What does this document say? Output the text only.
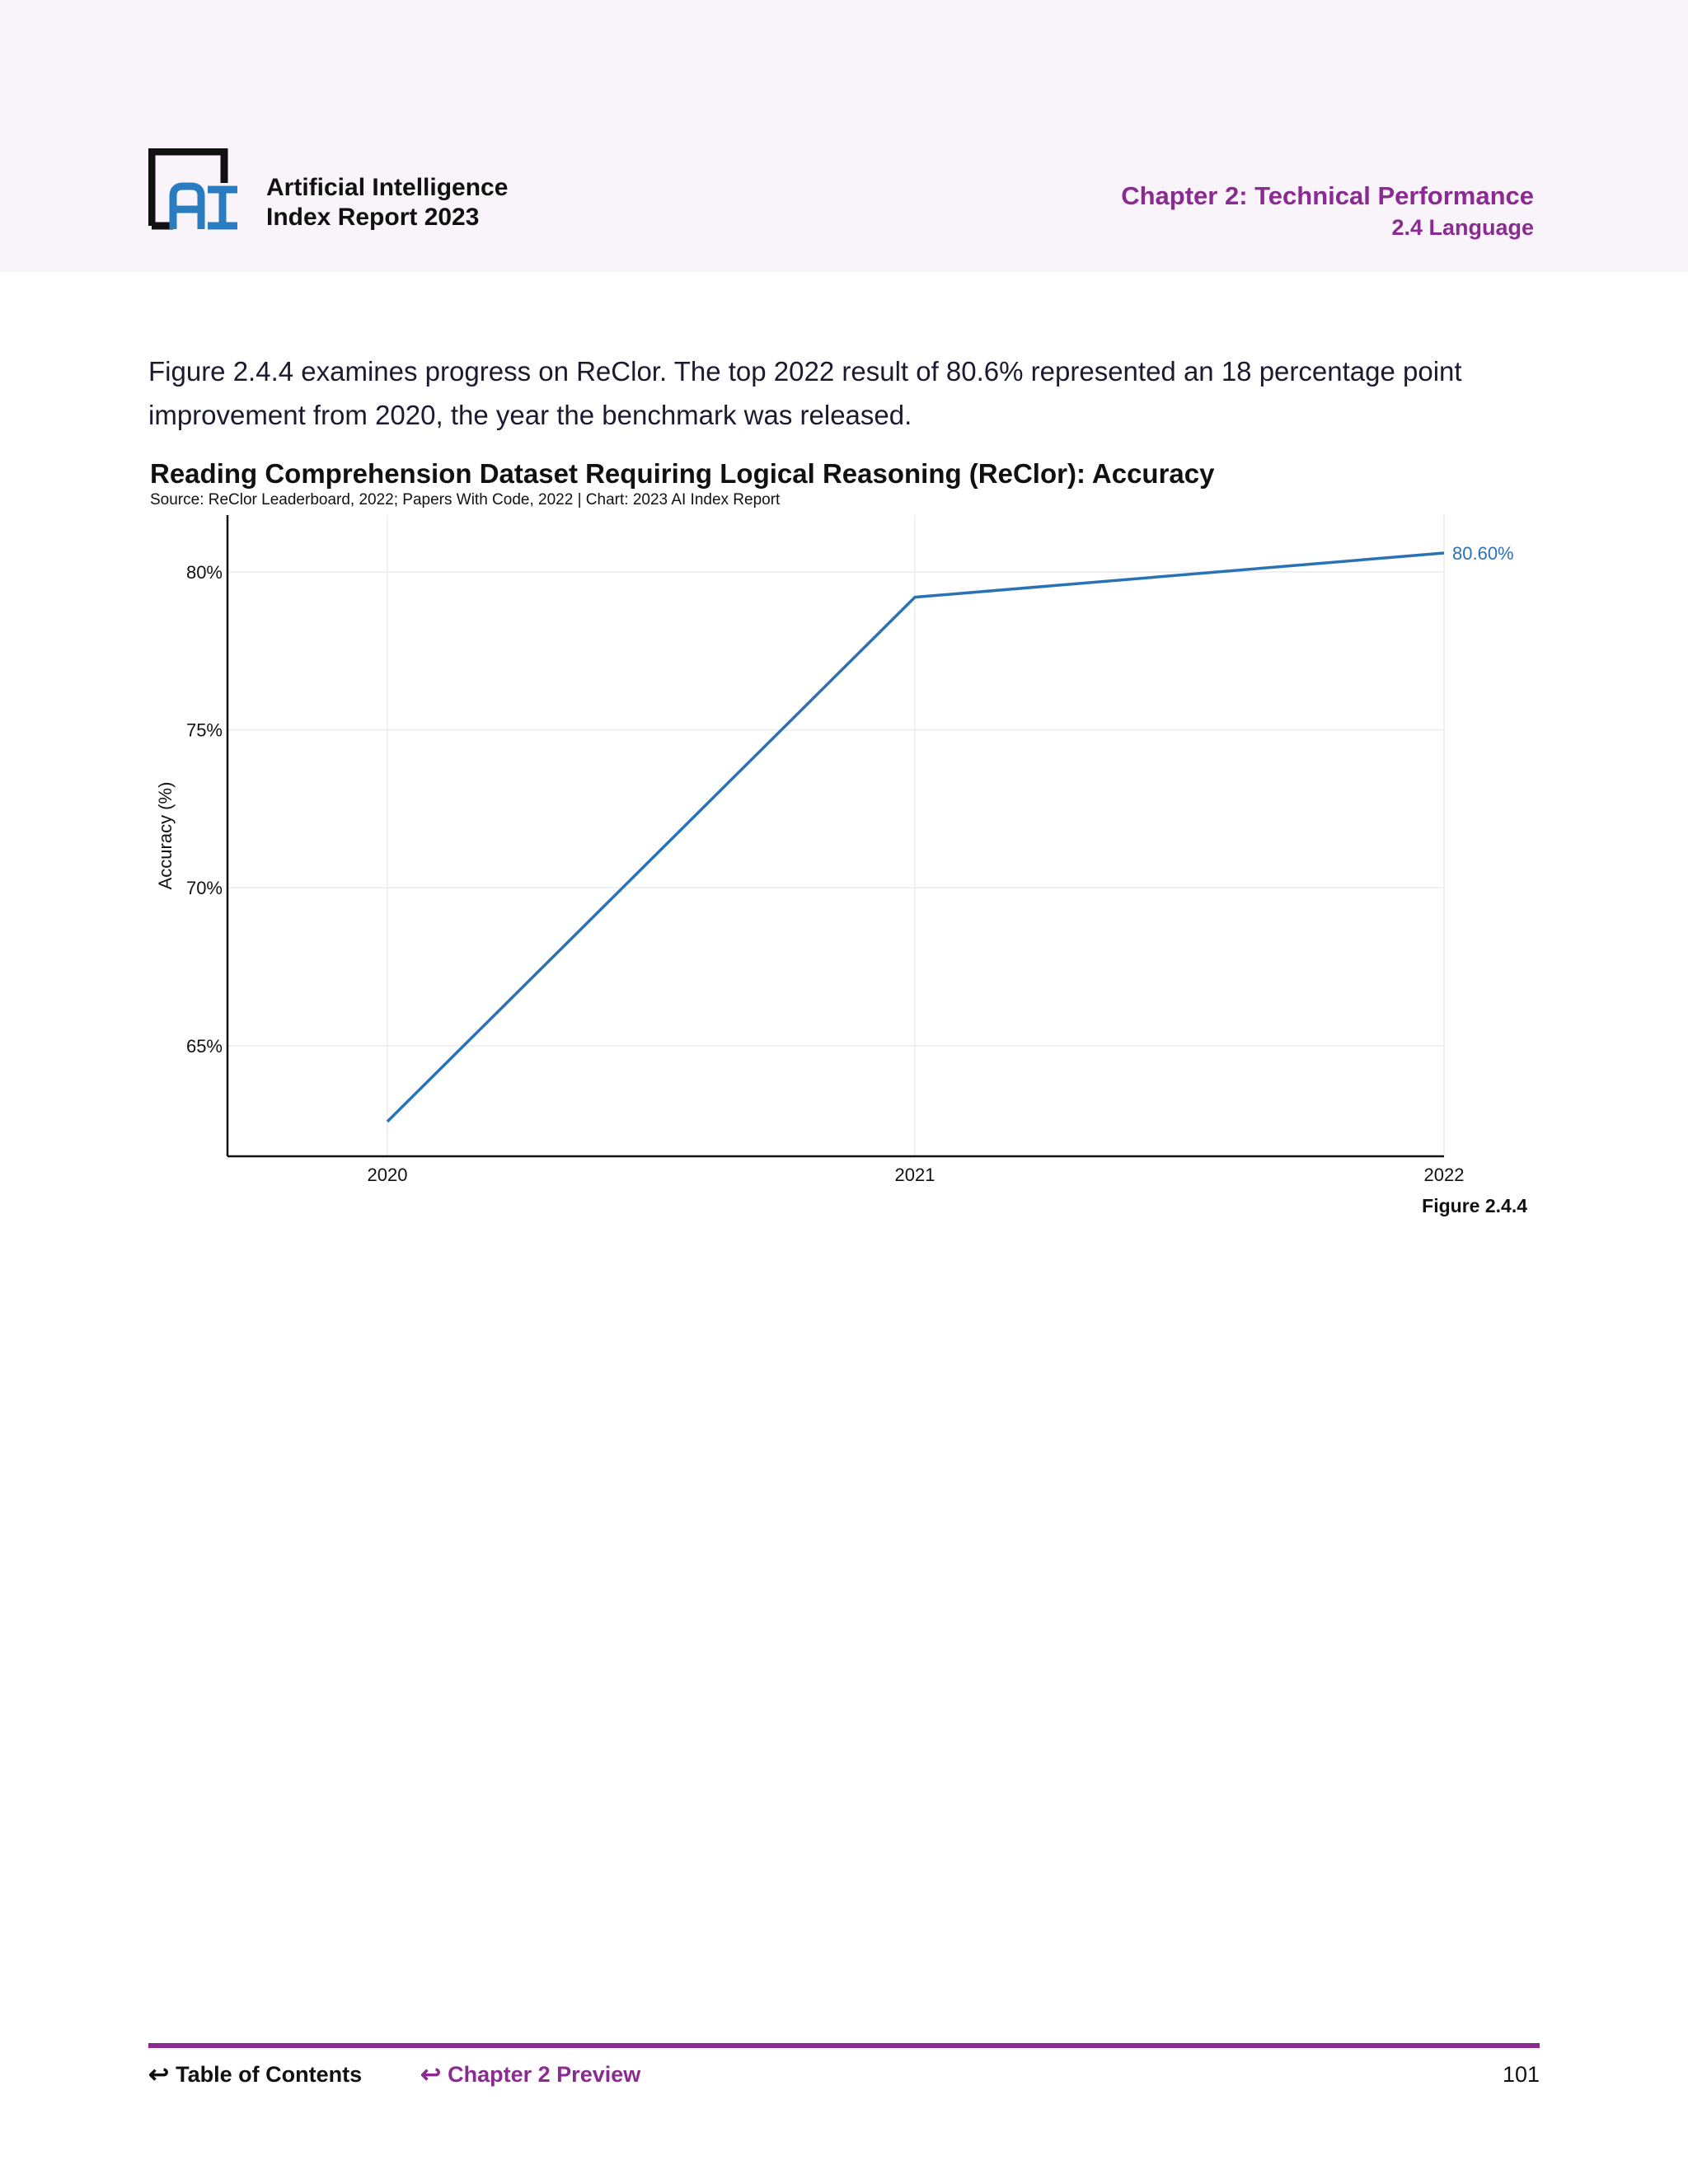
Artificial Intelligence
Index Report 2023
Chapter 2: Technical Performance
2.4 Language
Figure 2.4.4 examines progress on ReClor. The top 2022 result of 80.6% represented an 18 percentage point
improvement from 2020, the year the benchmark was released.
Reading Comprehension Dataset Requiring Logical Reasoning (ReClor): Accuracy
Source: ReClor Leaderboard, 2022; Papers With Code, 2022 | Chart: 2023 AI Index Report
65%
70%
75%
80%
2020	2021	2022
Accuracy (%)
80.60%
Figure 2.4.4
↩ Table of Contents ↩ Chapter 2 Preview	101
